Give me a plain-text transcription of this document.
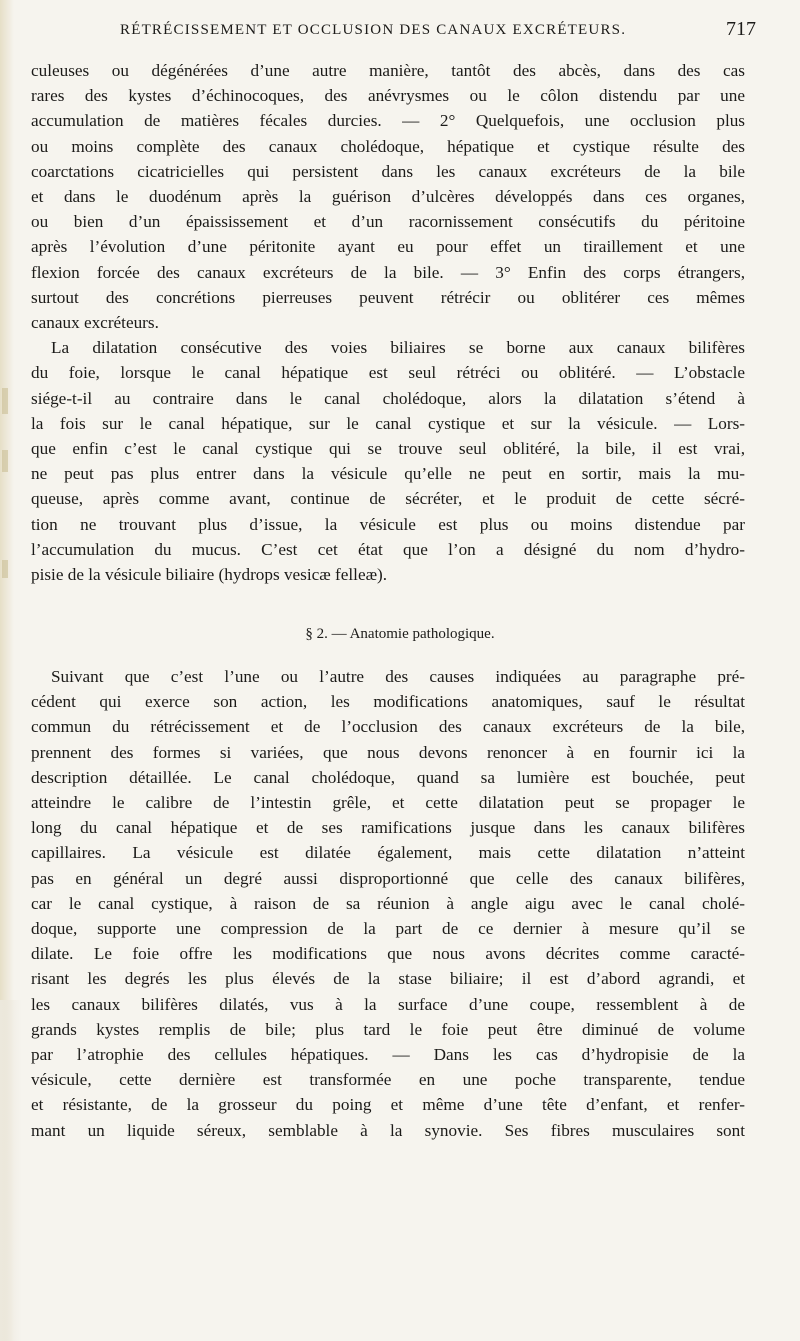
RÉTRÉCISSEMENT ET OCCLUSION DES CANAUX EXCRÉTEURS.	717
culeuses ou dégénérées d’une autre manière, tantôt des abcès, dans des cas
rares des kystes d’échinocoques, des anévrysmes ou le côlon distendu par une
accumulation de matières fécales durcies. — 2° Quelquefois, une occlusion plus
ou moins complète des canaux cholédoque, hépatique et cystique résulte des
coarctations cicatricielles qui persistent dans les canaux excréteurs de la bile
et dans le duodénum après la guérison d’ulcères développés dans ces organes,
ou bien d’un épaississement et d’un racornissement consécutifs du péritoine
après l’évolution d’une péritonite ayant eu pour effet un tiraillement et une
flexion forcée des canaux excréteurs de la bile. — 3° Enfin des corps étrangers,
surtout des concrétions pierreuses peuvent rétrécir ou oblitérer ces mêmes
canaux excréteurs.
La dilatation consécutive des voies biliaires se borne aux canaux bilifères
du foie, lorsque le canal hépatique est seul rétréci ou oblitéré. — L’obstacle
siége-t-il au contraire dans le canal cholédoque, alors la dilatation s’étend à
la fois sur le canal hépatique, sur le canal cystique et sur la vésicule. — Lors-
que enfin c’est le canal cystique qui se trouve seul oblitéré, la bile, il est vrai,
ne peut pas plus entrer dans la vésicule qu’elle ne peut en sortir, mais la mu-
queuse, après comme avant, continue de sécréter, et le produit de cette sécré-
tion ne trouvant plus d’issue, la vésicule est plus ou moins distendue par
l’accumulation du mucus. C’est cet état que l’on a désigné du nom d’hydro-
pisie de la vésicule biliaire (hydrops vesicæ felleæ).
§ 2. — Anatomie pathologique.
Suivant que c’est l’une ou l’autre des causes indiquées au paragraphe pré-
cédent qui exerce son action, les modifications anatomiques, sauf le résultat
commun du rétrécissement et de l’occlusion des canaux excréteurs de la bile,
prennent des formes si variées, que nous devons renoncer à en fournir ici la
description détaillée. Le canal cholédoque, quand sa lumière est bouchée, peut
atteindre le calibre de l’intestin grêle, et cette dilatation peut se propager le
long du canal hépatique et de ses ramifications jusque dans les canaux bilifères
capillaires. La vésicule est dilatée également, mais cette dilatation n’atteint
pas en général un degré aussi disproportionné que celle des canaux bilifères,
car le canal cystique, à raison de sa réunion à angle aigu avec le canal cholé-
doque, supporte une compression de la part de ce dernier à mesure qu’il se
dilate. Le foie offre les modifications que nous avons décrites comme caracté-
risant les degrés les plus élevés de la stase biliaire; il est d’abord agrandi, et
les canaux bilifères dilatés, vus à la surface d’une coupe, ressemblent à de
grands kystes remplis de bile; plus tard le foie peut être diminué de volume
par l’atrophie des cellules hépatiques. — Dans les cas d’hydropisie de la
vésicule, cette dernière est transformée en une poche transparente, tendue
et résistante, de la grosseur du poing et même d’une tête d’enfant, et renfer-
mant un liquide séreux, semblable à la synovie. Ses fibres musculaires sont
